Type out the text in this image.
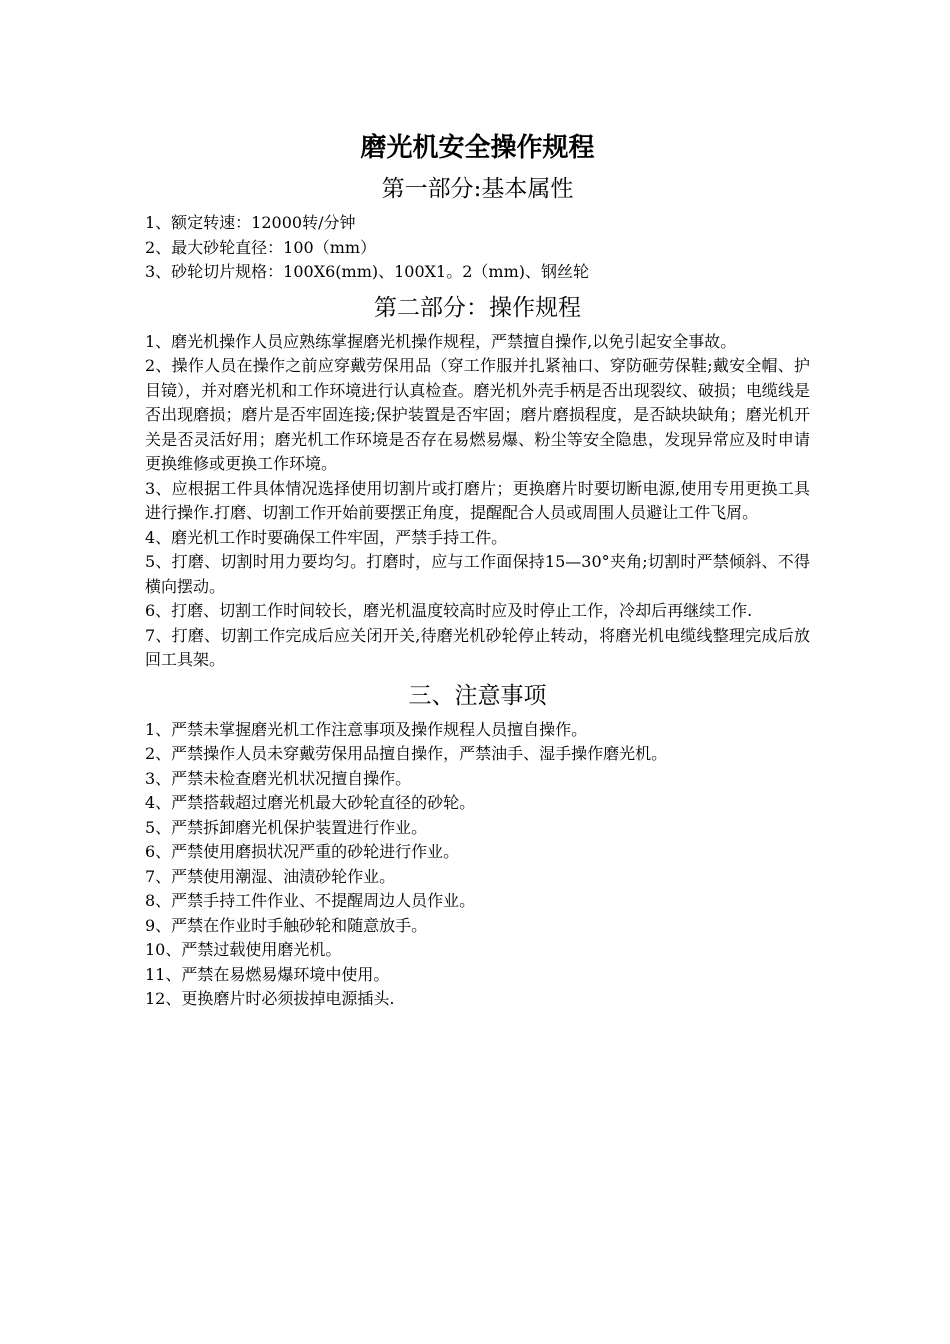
磨光机安全操作规程
第一部分:基本属性

1、额定转速：12000转/分钟

2、最大砂轮直径：100（mm）

3、砂轮切片规格：100X6(mm)、100X1。2（mm)、钢丝轮

第二部分：操作规程

1、磨光机操作人员应熟练掌握磨光机操作规程，严禁擅自操作,以免引起安全事故。

2、操作人员在操作之前应穿戴劳保用品（穿工作服并扎紧袖口、穿防砸劳保鞋;戴安全帽、护目镜），并对磨光机和工作环境进行认真检查。磨光机外壳手柄是否出现裂纹、破损；电缆线是否出现磨损；磨片是否牢固连接;保护装置是否牢固；磨片磨损程度，是否缺块缺角；磨光机开关是否灵活好用；磨光机工作环境是否存在易燃易爆、粉尘等安全隐患，发现异常应及时申请更换维修或更换工作环境。

3、应根据工件具体情况选择使用切割片或打磨片；更换磨片时要切断电源,使用专用更换工具进行操作.打磨、切割工作开始前要摆正角度，提醒配合人员或周围人员避让工件飞屑。

4、磨光机工作时要确保工件牢固，严禁手持工件。

5、打磨、切割时用力要均匀。打磨时，应与工作面保持15—30°夹角;切割时严禁倾斜、不得横向摆动。

6、打磨、切割工作时间较长，磨光机温度较高时应及时停止工作，冷却后再继续工作.

7、打磨、切割工作完成后应关闭开关,待磨光机砂轮停止转动，将磨光机电缆线整理完成后放回工具架。

三、注意事项

1、严禁未掌握磨光机工作注意事项及操作规程人员擅自操作。

2、严禁操作人员未穿戴劳保用品擅自操作，严禁油手、湿手操作磨光机。

3、严禁未检查磨光机状况擅自操作。

4、严禁搭载超过磨光机最大砂轮直径的砂轮。

5、严禁拆卸磨光机保护装置进行作业。

6、严禁使用磨损状况严重的砂轮进行作业。

7、严禁使用潮湿、油渍砂轮作业。

8、严禁手持工件作业、不提醒周边人员作业。

9、严禁在作业时手触砂轮和随意放手。

10、严禁过载使用磨光机。

11、严禁在易燃易爆环境中使用。

12、更换磨片时必须拔掉电源插头.
